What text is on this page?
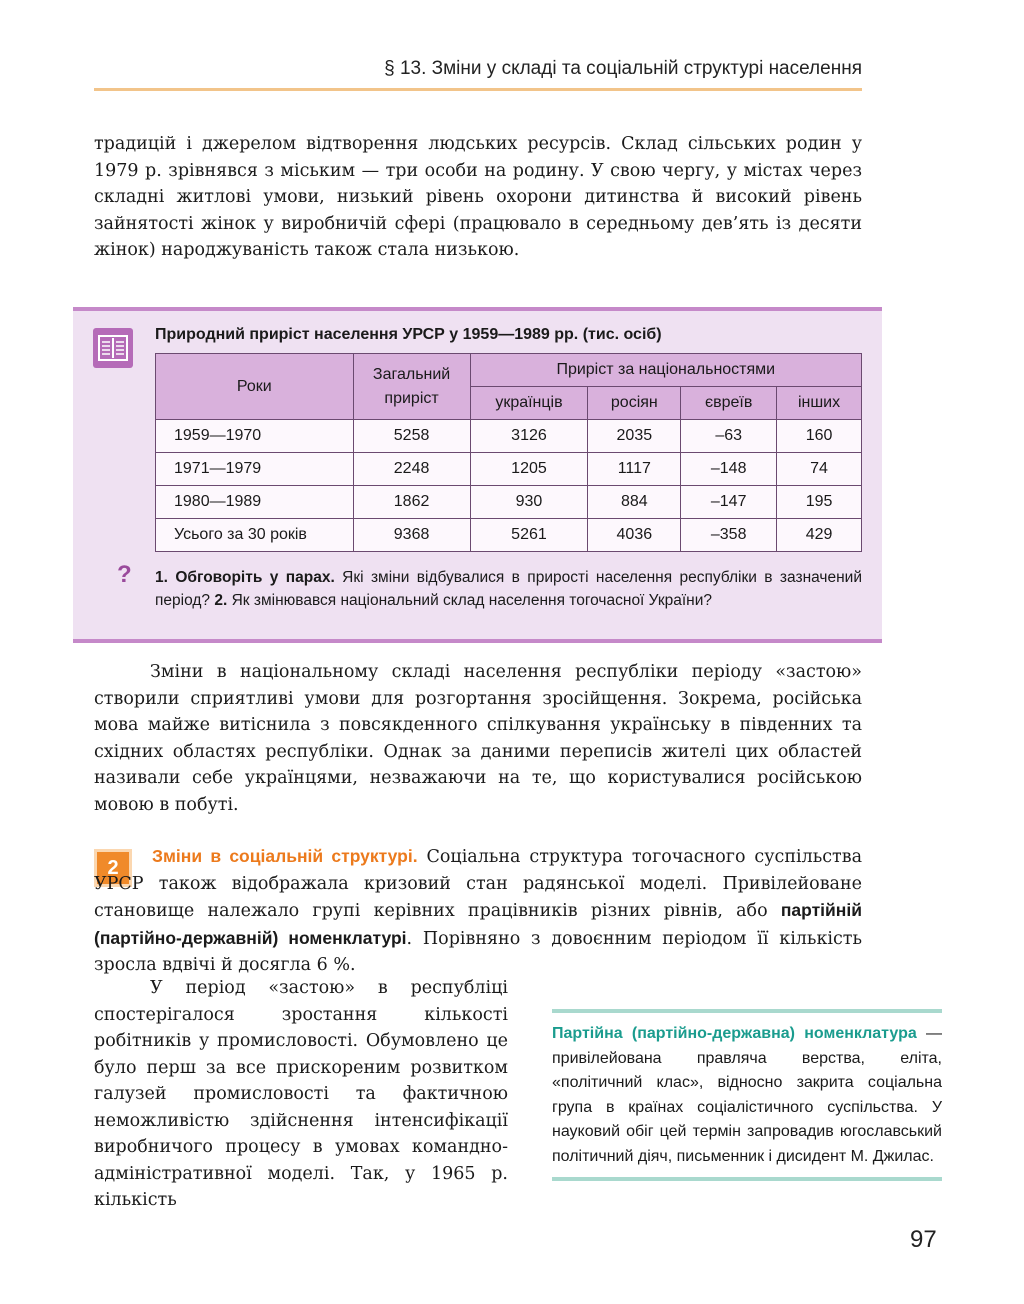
§ 13. Зміни у складі та соціальній структурі населення

традицій і джерелом відтворення людських ресурсів. Склад сільських родин у 1979 р. зрівнявся з міським — три особи на родину. У свою чергу, у містах через складні житлові умови, низький рівень охорони дитинства й високий рівень зайнятості жінок у виробничій сфері (працювало в середньому дев’ять із десяти жінок) народжуваність також стала низькою.

Природний приріст населення УРСР у 1959—1989 рр. (тис. осіб)
Роки	Загальний приріст	Приріст за національностями			
		українців	росіян	євреїв	інших
1959—1970	5258	3126	2035	–63	160
1971—1979	2248	1205	1117	–148	74
1980—1989	1862	930	884	–147	195
Усього за 30 років	9368	5261	4036	–358	429
? 1. Обговоріть у парах. Які зміни відбувалися в прирості населення республіки в зазначений період? 2. Як змінювався національний склад населення тогочасної України?

Зміни в національному складі населення республіки періоду «застою» створили сприятливі умови для розгортання зросійщення. Зокрема, російська мова майже витіснила з повсякденного спілкування українську в південних та східних областях республіки. Однак за даними переписів жителі цих областей називали себе українцями, незважаючи на те, що користувалися російською мовою в побуті.

2

Зміни в соціальній структурі. Соціальна структура тогочасного суспільства УРСР також відображала кризовий стан радянської моделі. Привілейоване становище належало групі керівних працівників різних рівнів, або партійній (партійно-державній) номенклатурі. Порівняно з довоєнним періодом її кількість зросла вдвічі й досягла 6 %.

У період «застою» в республіці спостерігалося зростання кількості робітників у промисловості. Обумовлено це було перш за все прискореним розвитком галузей промисловості та фактичною неможливістю здійснення інтенсифікації виробничого процесу в умовах командно-адміністративної моделі. Так, у 1965 р. кількість

Партійна (партійно-державна) номенклатура — привілейована правляча верства, еліта, «політичний клас», відносно закрита соціальна група в країнах соціалістичного суспільства. У науковий обіг цей термін запровадив югославський політичний діяч, письменник і дисидент М. Джилас.
97
